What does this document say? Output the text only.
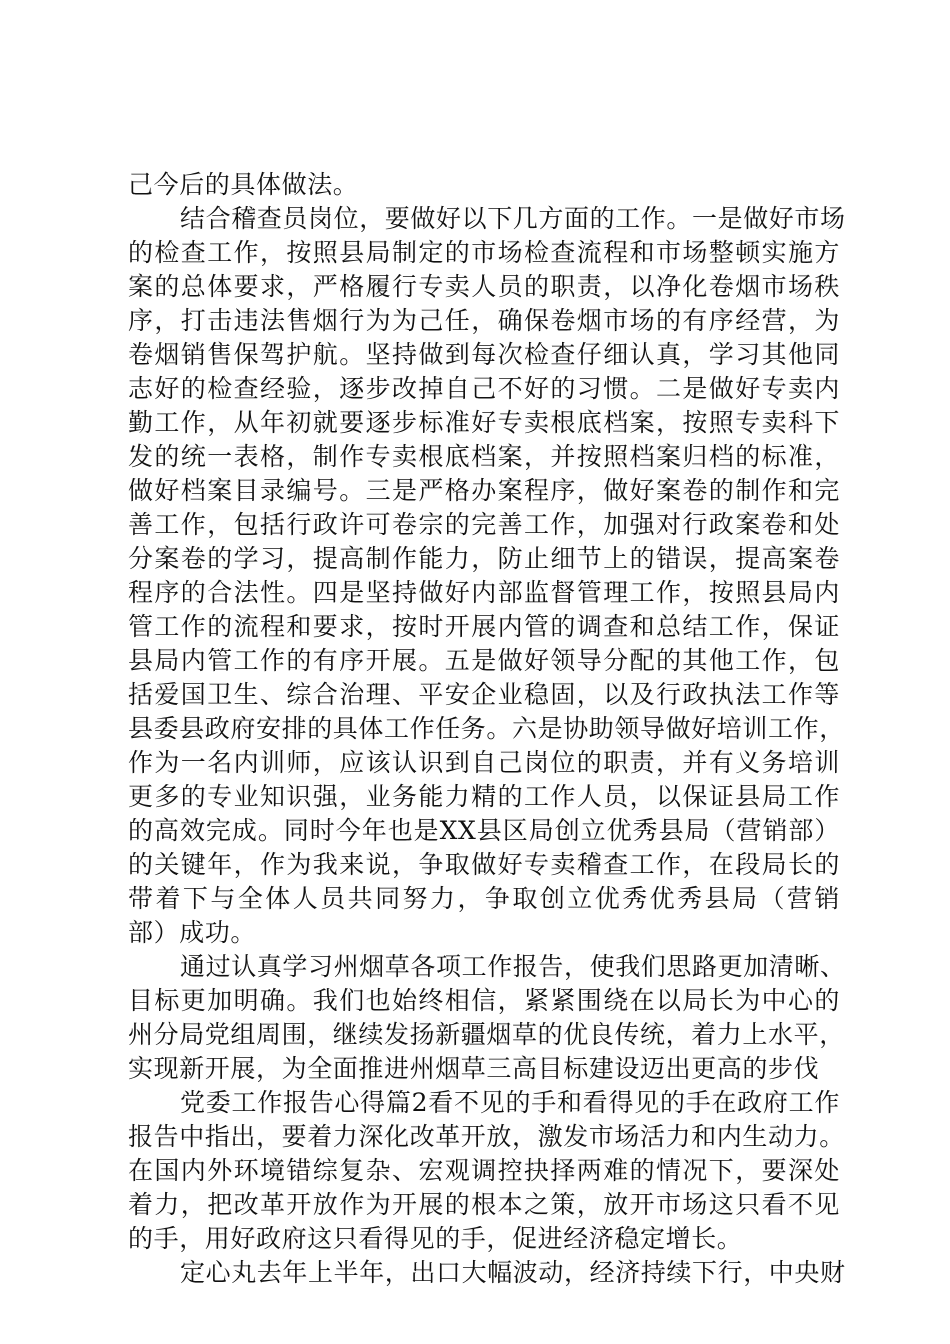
己今后的具体做法。
结合稽查员岗位，要做好以下几方面的工作。一是做好市场
的检查工作，按照县局制定的市场检查流程和市场整顿实施方
案的总体要求，严格履行专卖人员的职责，以净化卷烟市场秩
序，打击违法售烟行为为己任，确保卷烟市场的有序经营，为
卷烟销售保驾护航。坚持做到每次检查仔细认真，学习其他同
志好的检查经验，逐步改掉自己不好的习惯。二是做好专卖内
勤工作，从年初就要逐步标准好专卖根底档案，按照专卖科下
发的统一表格，制作专卖根底档案，并按照档案归档的标准，
做好档案目录编号。三是严格办案程序，做好案卷的制作和完
善工作，包括行政许可卷宗的完善工作，加强对行政案卷和处
分案卷的学习，提高制作能力，防止细节上的错误，提高案卷
程序的合法性。四是坚持做好内部监督管理工作，按照县局内
管工作的流程和要求，按时开展内管的调查和总结工作，保证
县局内管工作的有序开展。五是做好领导分配的其他工作，包
括爱国卫生、综合治理、平安企业稳固，以及行政执法工作等
县委县政府安排的具体工作任务。六是协助领导做好培训工作，
作为一名内训师，应该认识到自己岗位的职责，并有义务培训
更多的专业知识强，业务能力精的工作人员，以保证县局工作
的高效完成。同时今年也是XX县区局创立优秀县局（营销部）
的关键年，作为我来说，争取做好专卖稽查工作，在段局长的
带着下与全体人员共同努力，争取创立优秀优秀县局（营销
部）成功。
通过认真学习州烟草各项工作报告，使我们思路更加清晰、
目标更加明确。我们也始终相信，紧紧围绕在以局长为中心的
州分局党组周围，继续发扬新疆烟草的优良传统，着力上水平，
实现新开展，为全面推进州烟草三高目标建设迈出更高的步伐
党委工作报告心得篇2看不见的手和看得见的手在政府工作
报告中指出，要着力深化改革开放，激发市场活力和内生动力。
在国内外环境错综复杂、宏观调控抉择两难的情况下，要深处
着力，把改革开放作为开展的根本之策，放开市场这只看不见
的手，用好政府这只看得见的手，促进经济稳定增长。
定心丸去年上半年，出口大幅波动，经济持续下行，中央财
